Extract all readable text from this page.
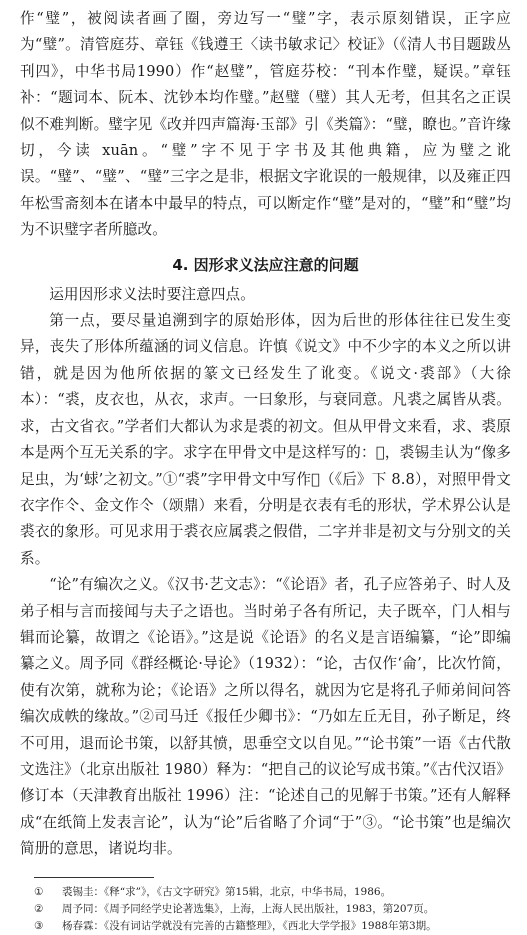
作“璧”，被阅读者画了圈，旁边写一“璧”字，表示原刻错误，正字应为“璧”。清管庭芬、章钰《钱遵王〈读书敏求记〉校证》（《清人书目题跋丛刊四》，中华书局1990）作“赵璧”，管庭芬校：“刊本作璧，疑误。”章钰补：“题词本、阮本、沈钞本均作璧。”赵璧（璧）其人无考，但其名之正误似不难判断。璧字见《改并四声篇海·玉部》引《类篇》：“璧，瞭也。”音许缘切，今读 xuān。“璧”字不见于字书及其他典籍，应为璧之讹误。“璧”、“璧”、“璧”三字之是非，根据文字讹误的一般规律，以及雍正四年松雪斋刻本在诸本中最早的特点，可以断定作“璧”是对的，“璧”和“璧”均为不识璧字者所臆改。

4. 因形求义法应注意的问题

运用因形求义法时要注意四点。

第一点，要尽量追溯到字的原始形体，因为后世的形体往往已发生变异，丧失了形体所蕴涵的词义信息。许慎《说文》中不少字的本义之所以讲错，就是因为他所依据的篆文已经发生了讹变。《说文·裘部》（大徐本）：“裘，皮衣也，从衣，求声。一曰象形，与衰同意。凡裘之属皆从裘。求，古文省衣。”学者们大都认为求是裘的初文。但从甲骨文来看，求、裘原本是两个互无关系的字。求字在甲骨文中是这样写的：𠂻，裘锡圭认为“像多足虫，为‘蛷’之初文。”①“裘”字甲骨文中写作𧘝（《后》下 8.8），对照甲骨文衣字作仒、金文作仒（颂鼎）来看，分明是衣表有毛的形状，学术界公认是裘衣的象形。可见求用于裘衣应属裘之假借，二字并非是初文与分别文的关系。

“论”有编次之义。《汉书·艺文志》：“《论语》者，孔子应答弟子、时人及弟子相与言而接闻与夫子之语也。当时弟子各有所记，夫子既卒，门人相与辑而论纂，故谓之《论语》。”这是说《论语》的名义是言语编纂，“论”即编纂之义。周予同《群经概论·导论》（1932）：“论，古仅作‘侖’，比次竹简，使有次第，就称为论；《论语》之所以得名，就因为它是将孔子师弟间问答编次成帙的缘故。”②司马迁《报任少卿书》：“乃如左丘无目，孙子断足，终不可用，退而论书策，以舒其愤，思垂空文以自见。”“论书策”一语《古代散文选注》（北京出版社 1980）释为：“把自己的议论写成书策。”《古代汉语》修订本（天津教育出版社 1996）注：“论述自己的见解于书策。”还有人解释成“在纸简上发表言论”，认为“论”后省略了介词“于”③。“论书策”也是编次简册的意思，诸说均非。

①	裘锡圭：《释“求”》，《古文字研究》第15辑，北京，中华书局，1986。
②	周予同：《周予同经学史论著选集》，上海，上海人民出版社，1983，第207页。
③	杨春霖：《没有词诂学就没有完善的古籍整理》，《西北大学学报》1988年第3期。
